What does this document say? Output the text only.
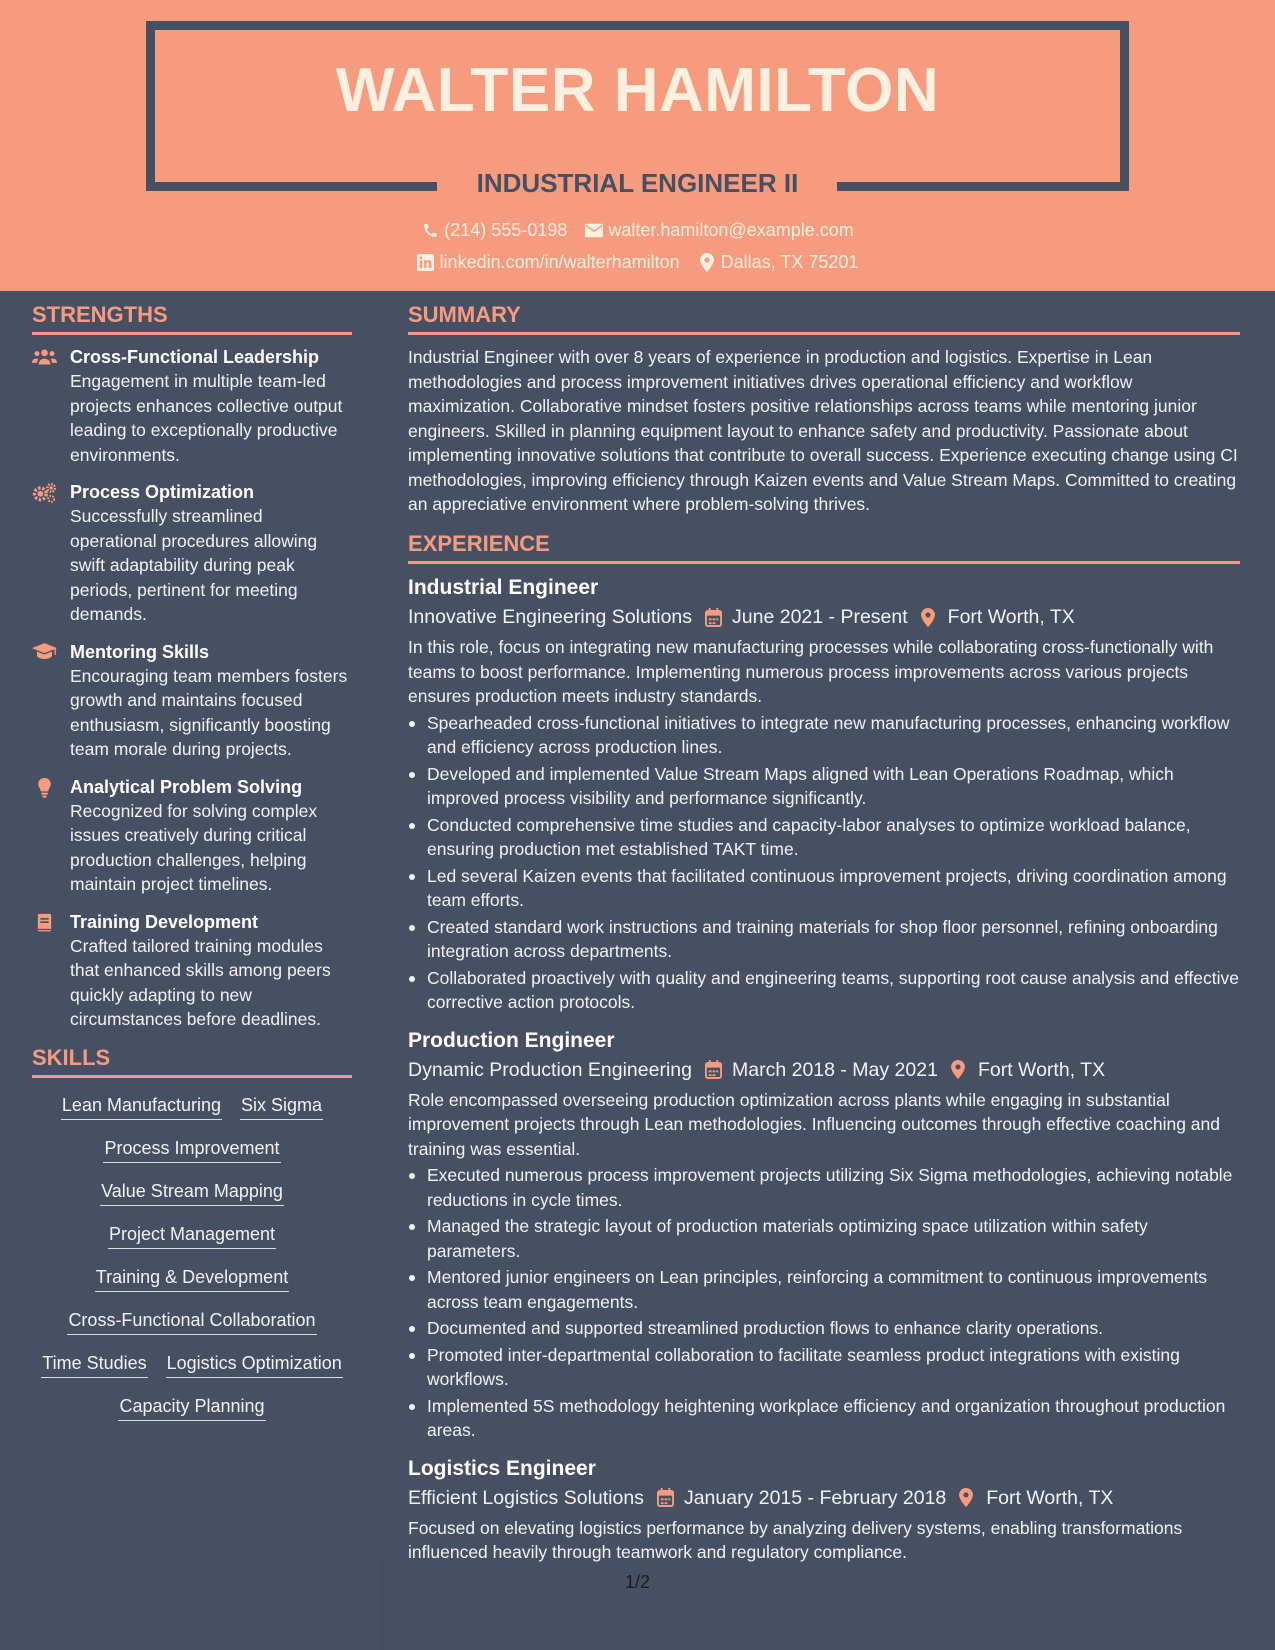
WALTER HAMILTON
INDUSTRIAL ENGINEER II
(214) 555-0198 walter.hamilton@example.com
linkedin.com/in/walterhamilton Dallas, TX 75201
STRENGTHS
Cross-Functional Leadership
Engagement in multiple team-led projects enhances collective output leading to exceptionally productive environments.
Process Optimization
Successfully streamlined operational procedures allowing swift adaptability during peak periods, pertinent for meeting demands.
Mentoring Skills
Encouraging team members fosters growth and maintains focused enthusiasm, significantly boosting team morale during projects.
Analytical Problem Solving
Recognized for solving complex issues creatively during critical production challenges, helping maintain project timelines.
Training Development
Crafted tailored training modules that enhanced skills among peers quickly adapting to new circumstances before deadlines.
SKILLS
Lean Manufacturing Six Sigma
Process Improvement
Value Stream Mapping
Project Management
Training & Development
Cross-Functional Collaboration
Time Studies Logistics Optimization
Capacity Planning
SUMMARY
Industrial Engineer with over 8 years of experience in production and logistics. Expertise in Lean methodologies and process improvement initiatives drives operational efficiency and workflow maximization. Collaborative mindset fosters positive relationships across teams while mentoring junior engineers. Skilled in planning equipment layout to enhance safety and productivity. Passionate about implementing innovative solutions that contribute to overall success. Experience executing change using CI methodologies, improving efficiency through Kaizen events and Value Stream Maps. Committed to creating an appreciative environment where problem-solving thrives.
EXPERIENCE
Industrial Engineer
Innovative Engineering Solutions June 2021 - Present Fort Worth, TX
In this role, focus on integrating new manufacturing processes while collaborating cross-functionally with teams to boost performance. Implementing numerous process improvements across various projects ensures production meets industry standards.
Spearheaded cross-functional initiatives to integrate new manufacturing processes, enhancing workflow and efficiency across production lines.
Developed and implemented Value Stream Maps aligned with Lean Operations Roadmap, which improved process visibility and performance significantly.
Conducted comprehensive time studies and capacity-labor analyses to optimize workload balance, ensuring production met established TAKT time.
Led several Kaizen events that facilitated continuous improvement projects, driving coordination among team efforts.
Created standard work instructions and training materials for shop floor personnel, refining onboarding integration across departments.
Collaborated proactively with quality and engineering teams, supporting root cause analysis and effective corrective action protocols.
Production Engineer
Dynamic Production Engineering March 2018 - May 2021 Fort Worth, TX
Role encompassed overseeing production optimization across plants while engaging in substantial improvement projects through Lean methodologies. Influencing outcomes through effective coaching and training was essential.
Executed numerous process improvement projects utilizing Six Sigma methodologies, achieving notable reductions in cycle times.
Managed the strategic layout of production materials optimizing space utilization within safety parameters.
Mentored junior engineers on Lean principles, reinforcing a commitment to continuous improvements across team engagements.
Documented and supported streamlined production flows to enhance clarity operations.
Promoted inter-departmental collaboration to facilitate seamless product integrations with existing workflows.
Implemented 5S methodology heightening workplace efficiency and organization throughout production areas.
Logistics Engineer
Efficient Logistics Solutions January 2015 - February 2018 Fort Worth, TX
Focused on elevating logistics performance by analyzing delivery systems, enabling transformations influenced heavily through teamwork and regulatory compliance.
1/2
